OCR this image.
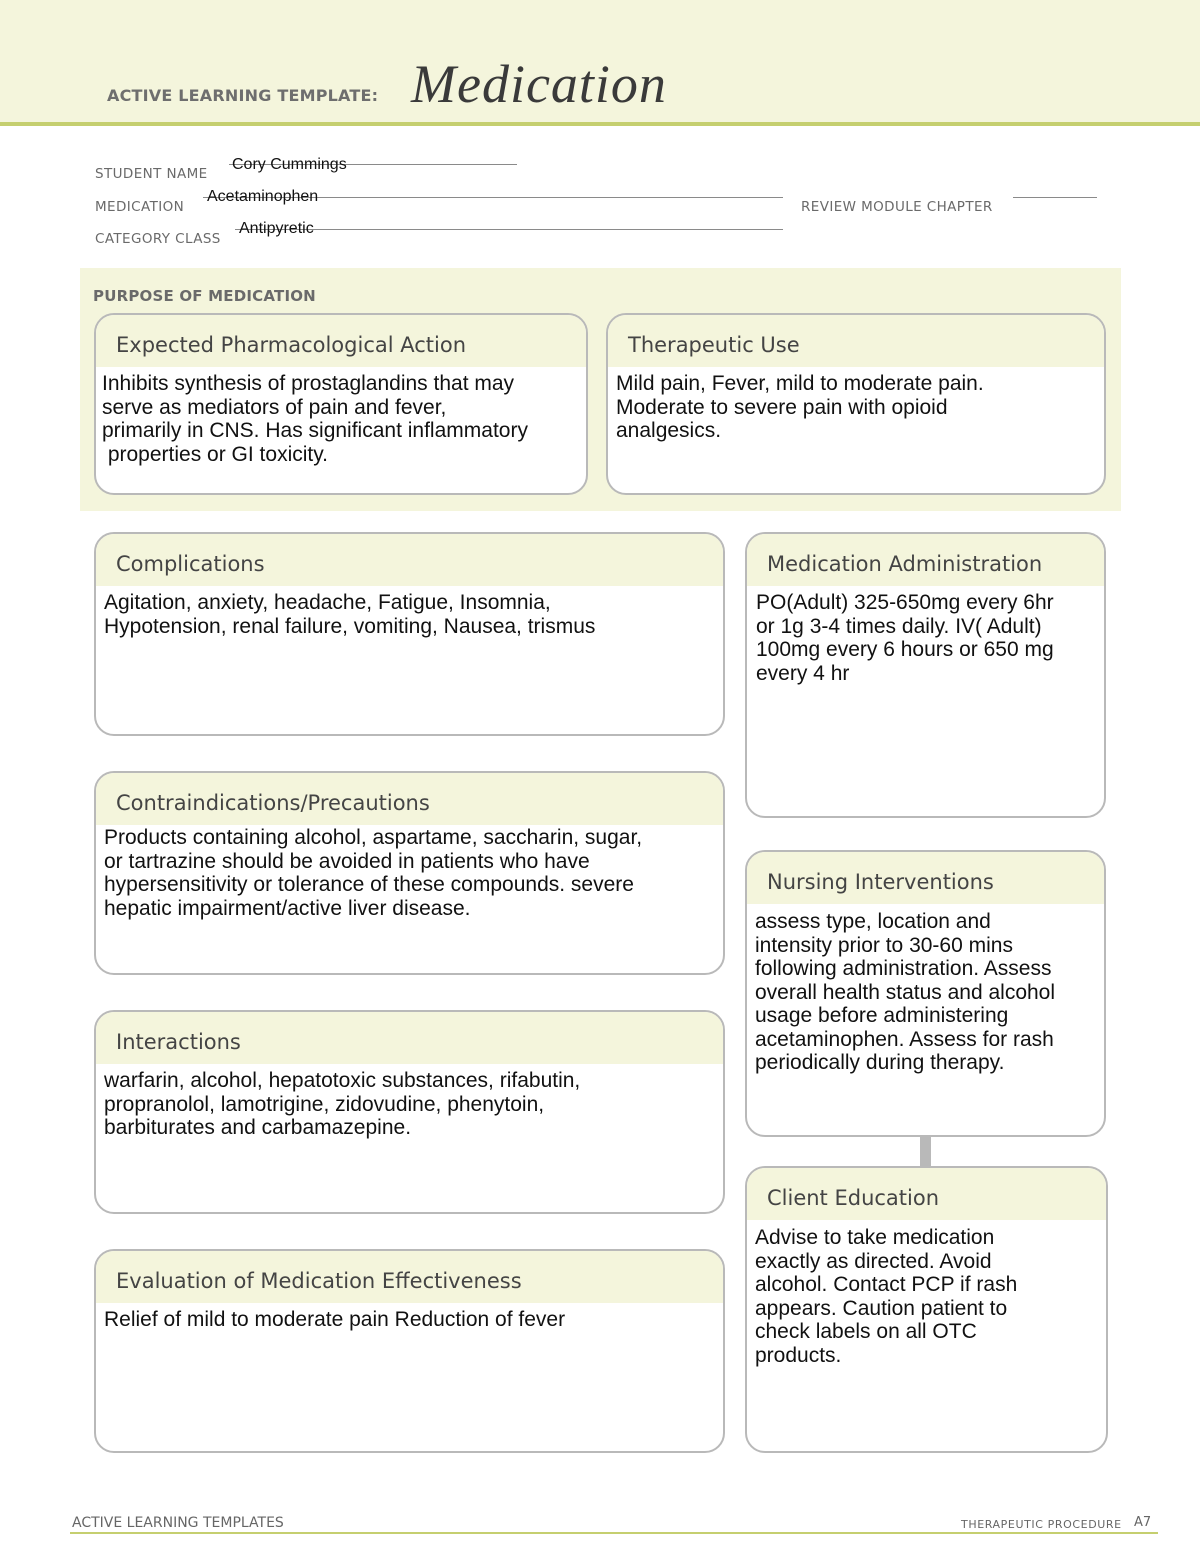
ACTIVE LEARNING TEMPLATE: Medication
STUDENT NAME
Cory Cummings
MEDICATION
Acetaminophen
REVIEW MODULE CHAPTER
CATEGORY CLASS
Antipyretic
PURPOSE OF MEDICATION
Expected Pharmacological Action
Inhibits synthesis of prostaglandins that may
serve as mediators of pain and fever,
primarily in CNS. Has significant inflammatory
properties or GI toxicity.
Therapeutic Use
Mild pain, Fever, mild to moderate pain.
Moderate to severe pain with opioid
analgesics.
Complications
Agitation, anxiety, headache, Fatigue, Insomnia,
Hypotension, renal failure, vomiting, Nausea, trismus
Contraindications/Precautions
Products containing alcohol, aspartame, saccharin, sugar,
or tartrazine should be avoided in patients who have
hypersensitivity or tolerance of these compounds. severe
hepatic impairment/active liver disease.
Interactions
warfarin, alcohol, hepatotoxic substances, rifabutin,
propranolol, lamotrigine, zidovudine, phenytoin,
barbiturates and carbamazepine.
Evaluation of Medication Effectiveness
Relief of mild to moderate pain Reduction of fever
Medication Administration
PO(Adult) 325-650mg every 6hr
or 1g 3-4 times daily. IV( Adult)
100mg every 6 hours or 650 mg
every 4 hr
Nursing Interventions
assess type, location and
intensity prior to 30-60 mins
following administration. Assess
overall health status and alcohol
usage before administering
acetaminophen. Assess for rash
periodically during therapy.
Client Education
Advise to take medication
exactly as directed. Avoid
alcohol. Contact PCP if rash
appears. Caution patient to
check labels on all OTC
products.
ACTIVE LEARNING TEMPLATES	THERAPEUTIC PROCEDURE A7
